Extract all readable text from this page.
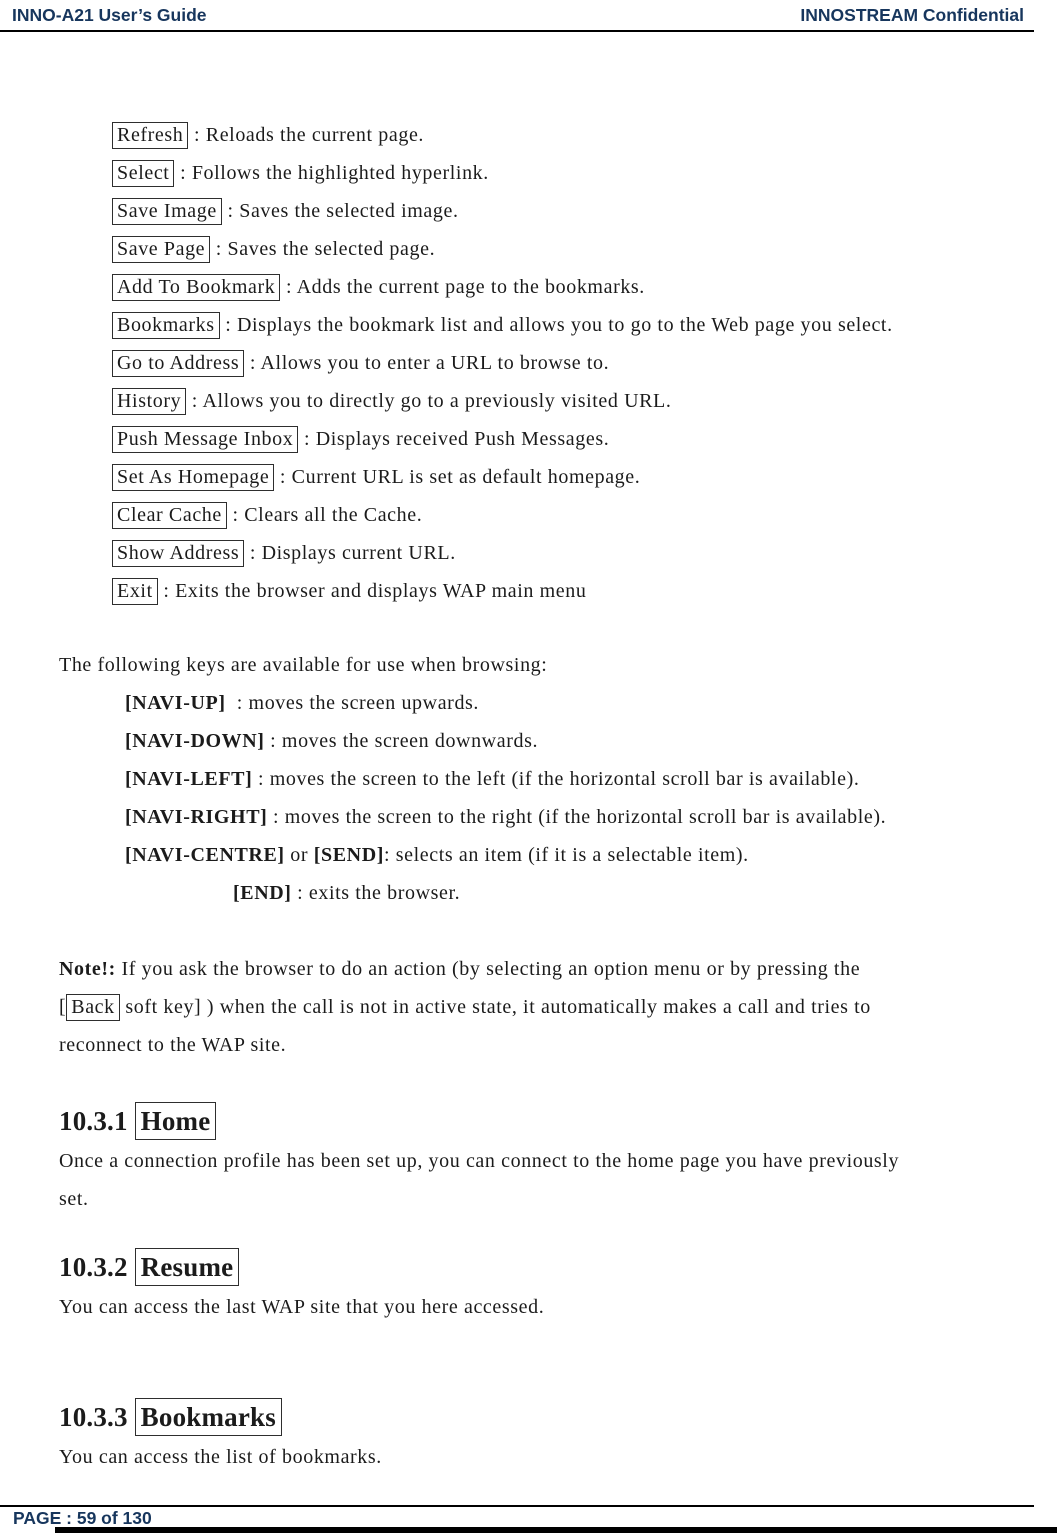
INNO-A21 User’s Guide	INNOSTREAM Confidential
Refresh : Reloads the current page.
Select : Follows the highlighted hyperlink.
Save Image : Saves the selected image.
Save Page : Saves the selected page.
Add To Bookmark : Adds the current page to the bookmarks.
Bookmarks : Displays the bookmark list and allows you to go to the Web page you select.
Go to Address : Allows you to enter a URL to browse to.
History : Allows you to directly go to a previously visited URL.
Push Message Inbox : Displays received Push Messages.
Set As Homepage : Current URL is set as default homepage.
Clear Cache : Clears all the Cache.
Show Address : Displays current URL.
Exit : Exits the browser and displays WAP main menu
The following keys are available for use when browsing:
[NAVI-UP]  : moves the screen upwards.
[NAVI-DOWN] : moves the screen downwards.
[NAVI-LEFT] : moves the screen to the left (if the horizontal scroll bar is available).
[NAVI-RIGHT] : moves the screen to the right (if the horizontal scroll bar is available).
[NAVI-CENTRE] or [SEND]: selects an item (if it is a selectable item).
[END] : exits the browser.
Note!: If you ask the browser to do an action (by selecting an option menu or by pressing the
[ Back soft key] ) when the call is not in active state, it automatically makes a call and tries to
reconnect to the WAP site.
10.3.1 Home
Once a connection profile has been set up, you can connect to the home page you have previously
set.
10.3.2 Resume
You can access the last WAP site that you here accessed.
10.3.3 Bookmarks
You can access the list of bookmarks.
PAGE : 59 of 130
